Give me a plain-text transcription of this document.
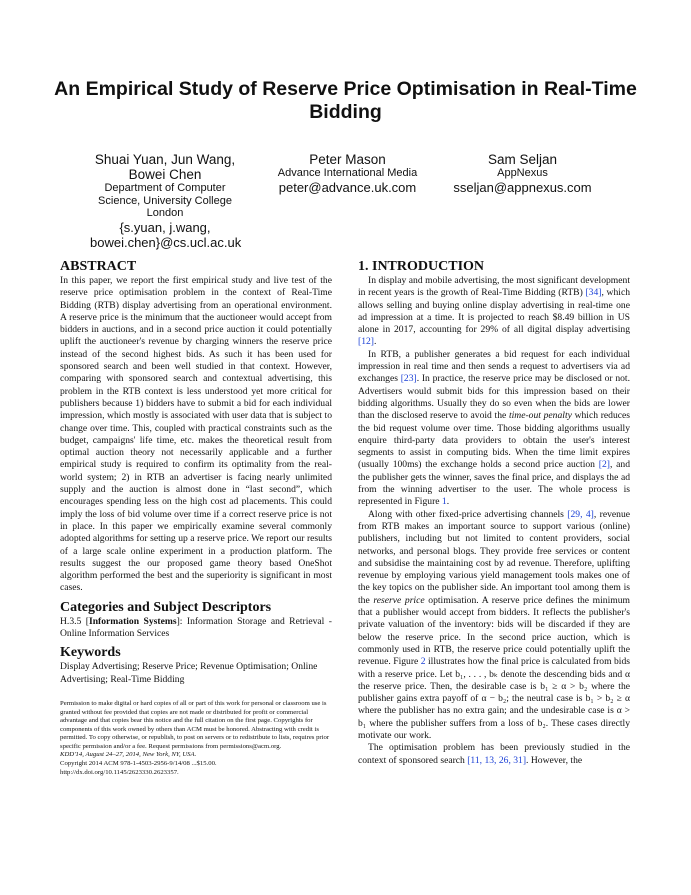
An Empirical Study of Reserve Price Optimisation in Real-Time Bidding
Shuai Yuan, Jun Wang, Bowei Chen
Department of Computer
Science, University College
London
{s.yuan, j.wang, bowei.chen}@cs.ucl.ac.uk
Peter Mason
Advance International Media
peter@advance.uk.com
Sam Seljan
AppNexus
sseljan@appnexus.com
ABSTRACT

In this paper, we report the first empirical study and live test of the reserve price optimisation problem in the context of Real-Time Bidding (RTB) display advertising from an operational environment. A reserve price is the minimum that the auctioneer would accept from bidders in auctions, and in a second price auction it could potentially uplift the auctioneer's revenue by charging winners the reserve price instead of the second highest bids. As such it has been used for sponsored search and been well studied in that context. However, comparing with sponsored search and contextual advertising, this problem in the RTB context is less understood yet more critical for publishers because 1) bidders have to submit a bid for each individual impression, which mostly is associated with user data that is subject to change over time. This, coupled with practical constraints such as the budget, campaigns' life time, etc. makes the theoretical result from optimal auction theory not necessarily applicable and a further empirical study is required to confirm its optimality from the real-world system; 2) in RTB an advertiser is facing nearly unlimited supply and the auction is almost done in “last second”, which encourages spending less on the high cost ad placements. This could imply the loss of bid volume over time if a correct reserve price is not in place. In this paper we empirically examine several commonly adopted algorithms for setting up a reserve price. We report our results of a large scale online experiment in a production platform. The results suggest the our proposed game theory based OneShot algorithm performed the best and the superiority is significant in most cases.

Categories and Subject Descriptors

H.3.5 [Information Systems]: Information Storage and Retrieval - Online Information Services

Keywords

Display Advertising; Reserve Price; Revenue Optimisation; Online Advertising; Real-Time Bidding

Permission to make digital or hard copies of all or part of this work for personal or classroom use is granted without fee provided that copies are not made or distributed for profit or commercial advantage and that copies bear this notice and the full citation on the first page. Copyrights for components of this work owned by others than ACM must be honored. Abstracting with credit is permitted. To copy otherwise, or republish, to post on servers or to redistribute to lists, requires prior specific permission and/or a fee. Request permissions from permissions@acm.org.

KDD'14, August 24–27, 2014, New York, NY, USA.

Copyright 2014 ACM 978-1-4503-2956-9/14/08 ...$15.00.

http://dx.doi.org/10.1145/2623330.2623357.

1. INTRODUCTION

In display and mobile advertising, the most significant development in recent years is the growth of Real-Time Bidding (RTB) [34], which allows selling and buying online display advertising in real-time one ad impression at a time. It is projected to reach $8.49 billion in US alone in 2017, accounting for 29% of all digital display advertising [12].

In RTB, a publisher generates a bid request for each individual impression in real time and then sends a request to advertisers via ad exchanges [23]. In practice, the reserve price may be disclosed or not. Advertisers would submit bids for this impression based on their bidding algorithms. Usually they do so even when the bids are lower than the disclosed reserve to avoid the time-out penalty which reduces the bid request volume over time. Those bidding algorithms usually enquire third-party data providers to obtain the user's interest segments to assist in computing bids. When the time limit expires (usually 100ms) the exchange holds a second price auction [2], and the publisher gets the winner, saves the final price, and displays the ad from the winning advertiser to the user. The whole process is represented in Figure 1.

Along with other fixed-price advertising channels [29, 4], revenue from RTB makes an important source to support various (online) publishers, including but not limited to content providers, social networks, and personal blogs. They provide free services or content and subsidise the maintaining cost by ad revenue. Therefore, uplifting revenue by employing various yield management tools makes one of the key topics on the publisher side. An important tool among them is the reserve price optimisation. A reserve price defines the minimum that a publisher would accept from bidders. It reflects the publisher's private valuation of the inventory: bids will be discarded if they are below the reserve price. In the second price auction, which is commonly used in RTB, the reserve price could potentially uplift the revenue. Figure 2 illustrates how the final price is calculated from bids with a reserve price. Let b₁, . . . , bₖ denote the descending bids and α the reserve price. Then, the desirable case is b₁ ≥ α > b₂ where the publisher gains extra payoff of α − b₂; the neutral case is b₁ > b₂ ≥ α where the publisher has no extra gain; and the undesirable case is α > b₁ where the publisher suffers from a loss of b₂. These cases directly motivate our work.

The optimisation problem has been previously studied in the context of sponsored search [11, 13, 26, 31]. However, the
